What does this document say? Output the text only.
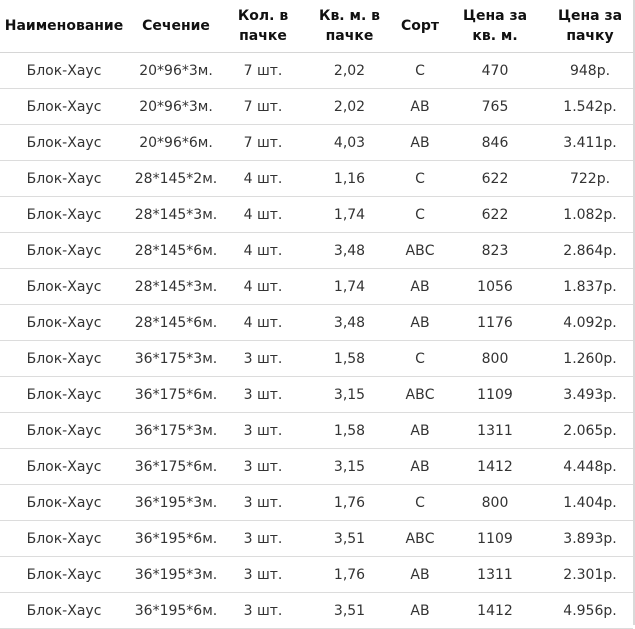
Наименование	Сечение	Кол. в пачке	Кв. м. в пачке	Сорт	Цена за кв. м.	Цена за пачку
Блок-Хаус	20*96*3м.	7 шт.	2,02	С	470	948р.
Блок-Хаус	20*96*3м.	7 шт.	2,02	АВ	765	1.542р.
Блок-Хаус	20*96*6м.	7 шт.	4,03	АВ	846	3.411р.
Блок-Хаус	28*145*2м.	4 шт.	1,16	С	622	722р.
Блок-Хаус	28*145*3м.	4 шт.	1,74	С	622	1.082р.
Блок-Хаус	28*145*6м.	4 шт.	3,48	АВС	823	2.864р.
Блок-Хаус	28*145*3м.	4 шт.	1,74	АВ	1056	1.837р.
Блок-Хаус	28*145*6м.	4 шт.	3,48	АВ	1176	4.092р.
Блок-Хаус	36*175*3м.	3 шт.	1,58	С	800	1.260р.
Блок-Хаус	36*175*6м.	3 шт.	3,15	АВС	1109	3.493р.
Блок-Хаус	36*175*3м.	3 шт.	1,58	АВ	1311	2.065р.
Блок-Хаус	36*175*6м.	3 шт.	3,15	АВ	1412	4.448р.
Блок-Хаус	36*195*3м.	3 шт.	1,76	С	800	1.404р.
Блок-Хаус	36*195*6м.	3 шт.	3,51	АВС	1109	3.893р.
Блок-Хаус	36*195*3м.	3 шт.	1,76	АВ	1311	2.301р.
Блок-Хаус	36*195*6м.	3 шт.	3,51	АВ	1412	4.956р.
